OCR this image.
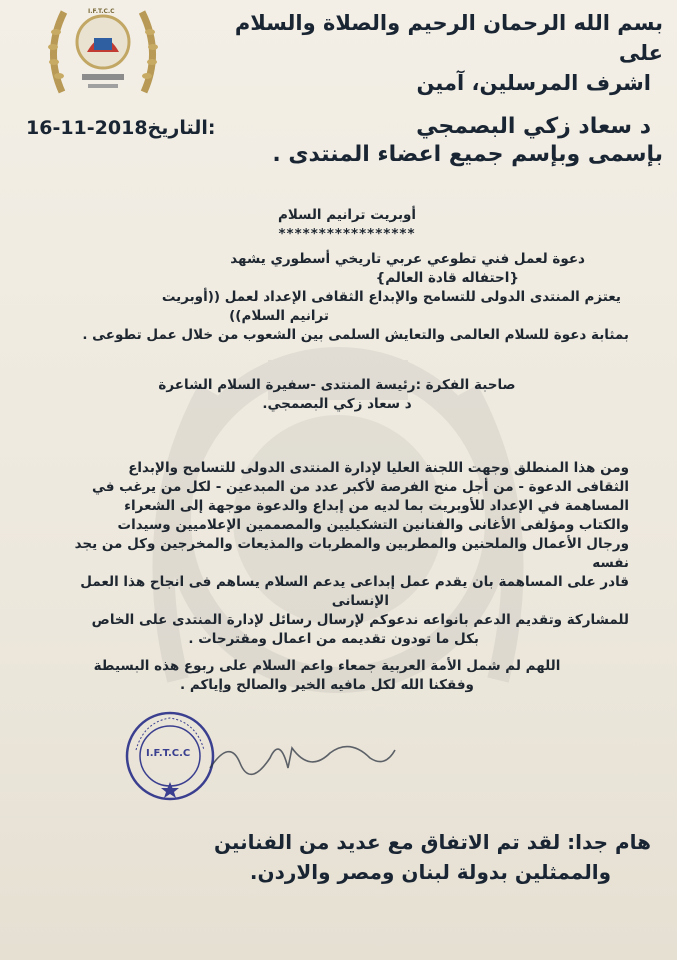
I.F.T.C.C	بسم الله الرحمان الرحيم والصلاة والسلام على
اشرف المرسلين، آمين
16-11-2018التاريخ:	د سعاد زكي البصمجي
بإسمى وبإسم جميع اعضاء المنتدى .
أوبريت ترانيم السلام
*****************
دعوة لعمل فني تطوعي عربي تاريخي أسطوري يشهد
{احتفاله قادة العالم}
يعتزم المنتدى الدولى للتسامح والإبداع الثقافى الإعداد لعمل ((أوبريت
ترانيم السلام))
بمثابة دعوة للسلام العالمى والتعايش السلمى بين الشعوب من خلال عمل تطوعى .
صاحبة الفكرة :رئيسة المنتدى -سفيرة السلام الشاعرة
د سعاد زكي البصمجي.
ومن هذا المنطلق وجهت اللجنة العليا لإدارة المنتدى الدولى للتسامح والإبداع
الثقافى الدعوة - من أجل منح الفرصة لأكبر عدد من المبدعين - لكل من يرغب في
المساهمة في الإعداد للأوبريت بما لديه من إبداع والدعوة موجهة إلى الشعراء
والكتاب ومؤلفى الأغانى والفنانين التشكيليين والمصممين الإعلاميين وسيدات
ورجال الأعمال والملحنين والمطربين والمطربات والمذيعات والمخرجين وكل من يجد نفسه
قادر على المساهمة بان يقدم عمل إبداعى يدعم السلام يساهم فى انجاح هذا العمل
الإنسانى
للمشاركة وتقديم الدعم بانواعه ندعوكم لإرسال رسائل لإدارة المنتدى على الخاص
بكل ما تودون تقديمه من اعمال ومقترحات .
اللهم لم شمل الأمة العربية جمعاء واعم السلام على ربوع هذه البسيطة
وفقكنا الله لكل مافيه الخير والصالح وإياكم .
I.F.T.C.C
هام جدا: لقد تم الاتفاق مع عديد من الفنانين
والممثلين بدولة لبنان ومصر والاردن.
